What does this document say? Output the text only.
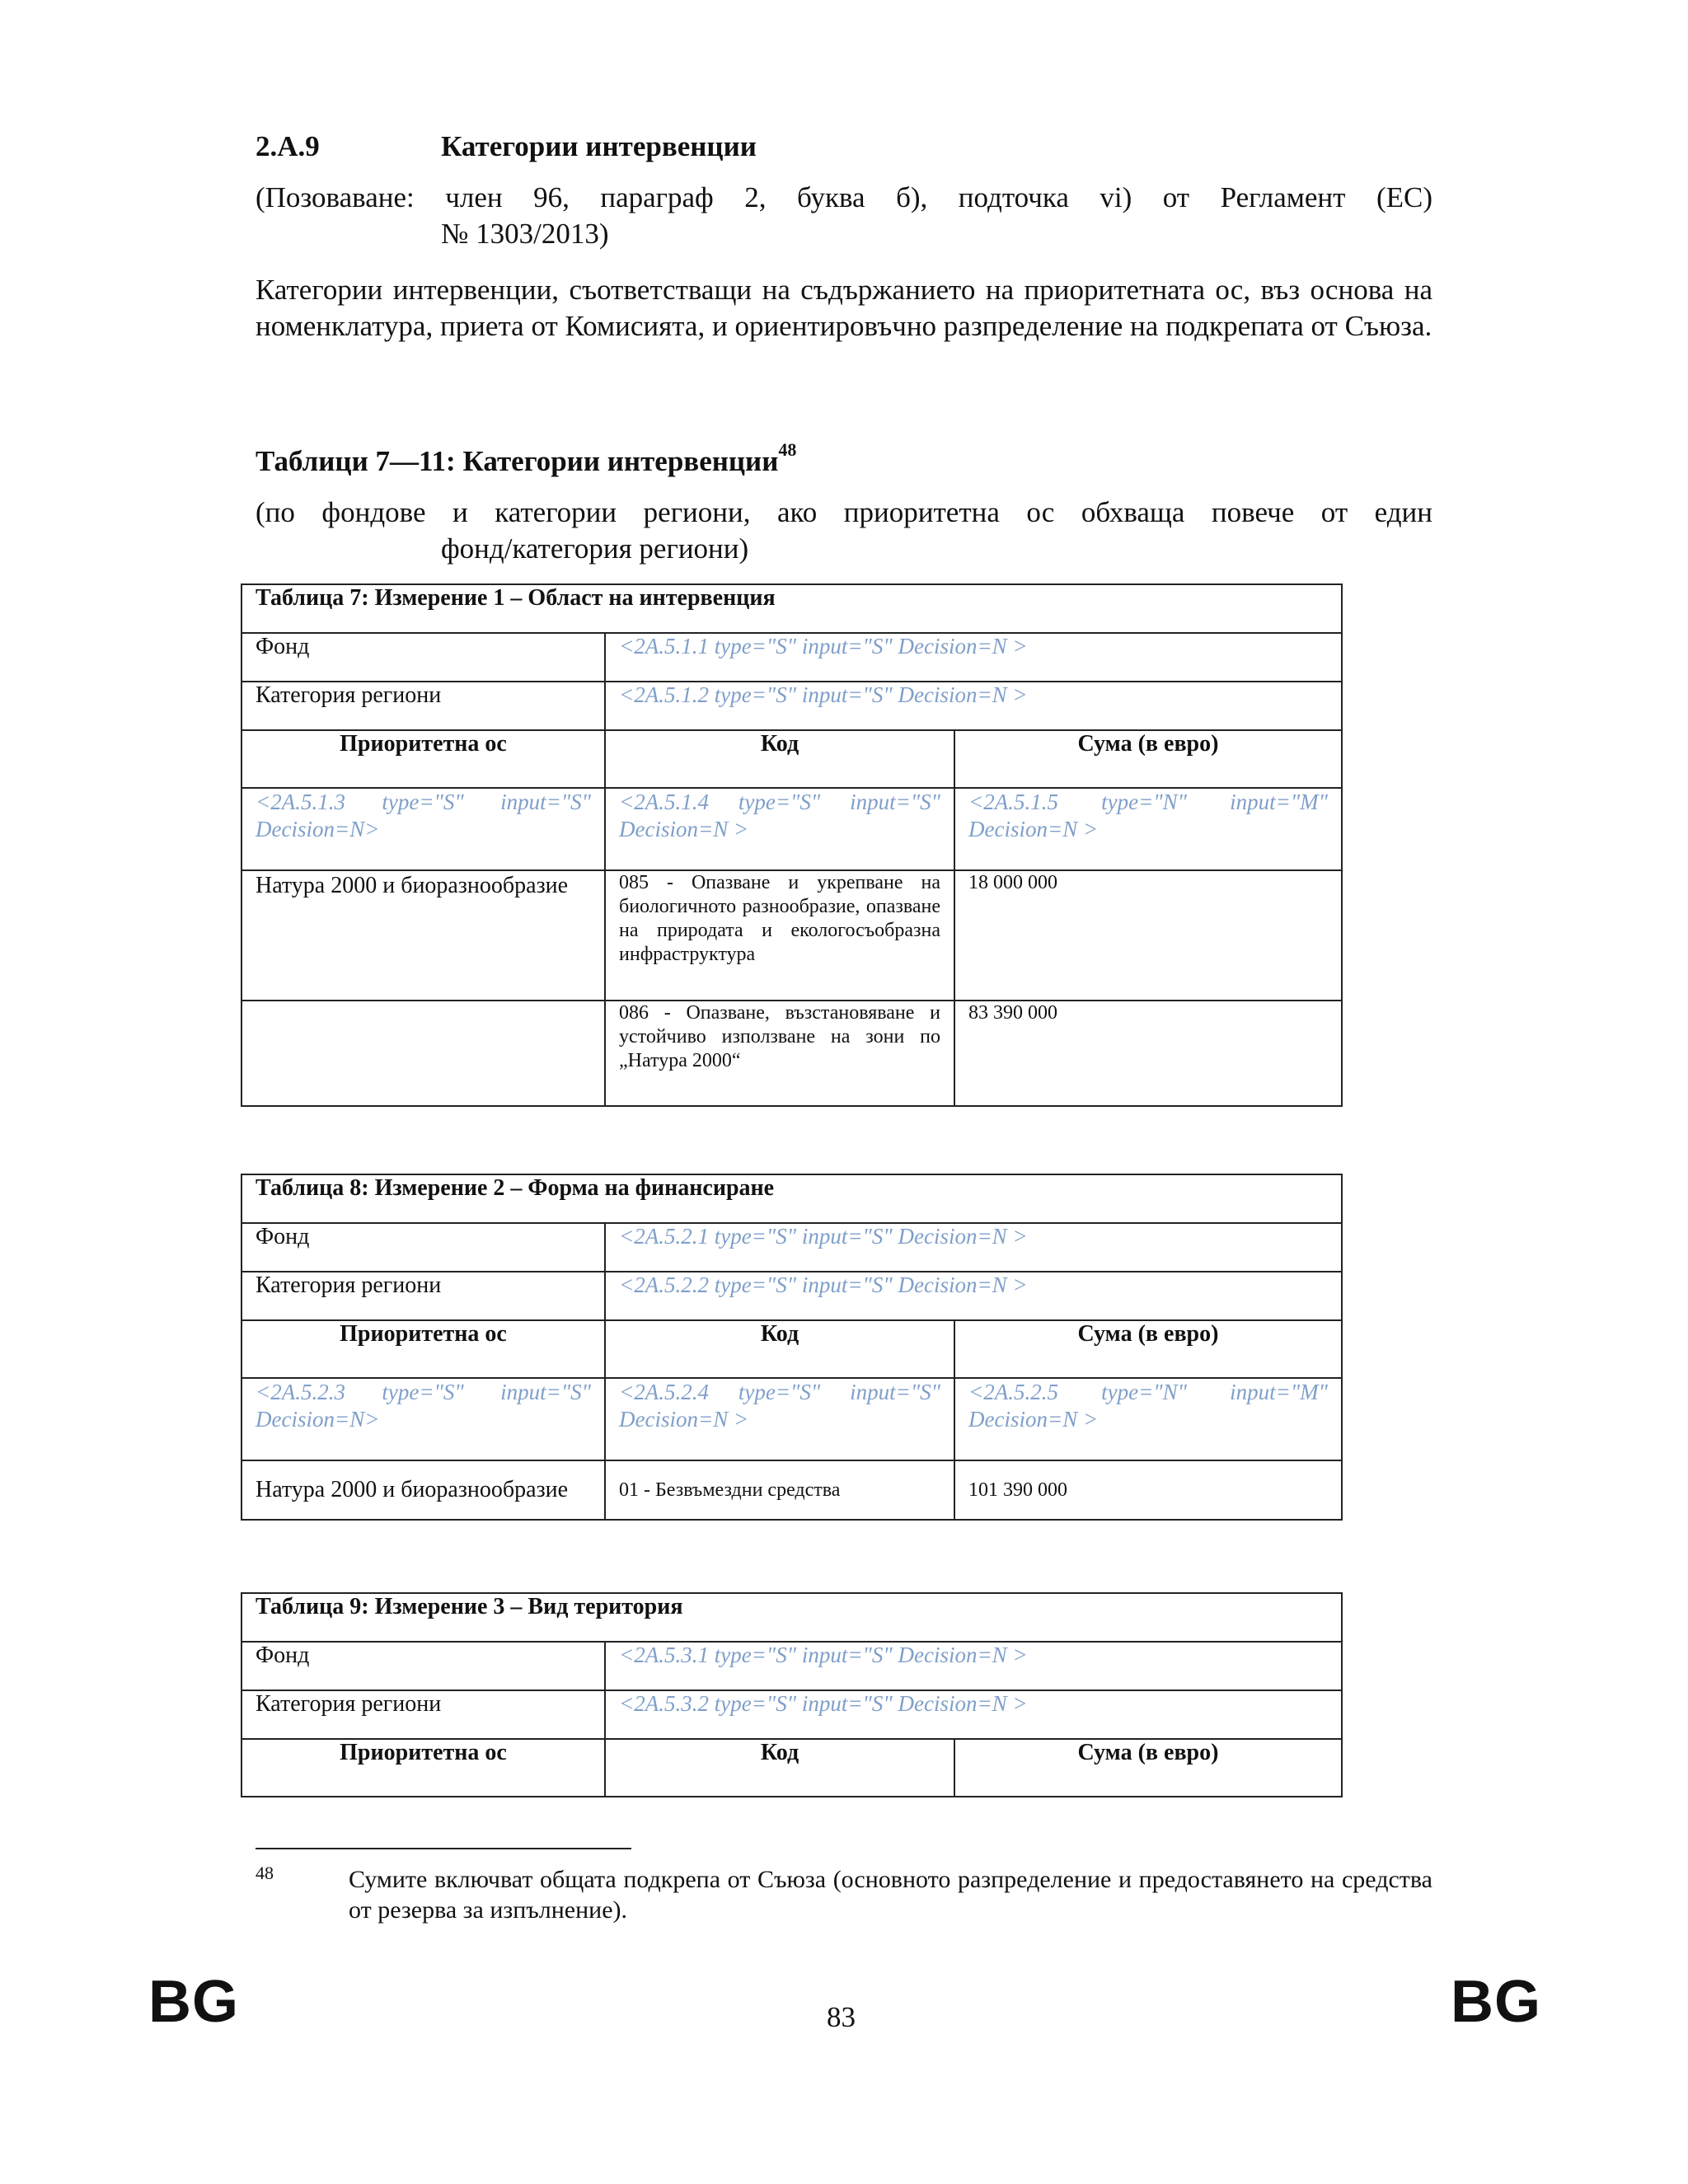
2.A.9	Категории интервенции
(Позоваване: член 96, параграф 2, буква б), подточка vi) от Регламент (ЕС)
№ 1303/2013)
Категории интервенции, съответстващи на съдържанието на приоритетната ос, въз основа на номенклатура, приета от Комисията, и ориентировъчно разпределение на подкрепата от Съюза.
Таблици 7—11: Категории интервенции$^{48}$
(по фондове и категории региони, ако приоритетна ос обхваща повече от един
фонд/категория региони)
Таблица 7: Измерение 1 – Област на интервенция		
Фонд	<2A.5.1.1 type="S" input="S" Decision=N >	
Категория региони	<2A.5.1.2 type="S" input="S" Decision=N >	
Приоритетна ос	Код	Сума (в евро)

<2A.5.1.3 type="S" input="S" Decision=N>	<2A.5.1.4 type="S" input="S" Decision=N >	<2A.5.1.5 type="N" input="M" Decision=N >

Натура 2000 и биоразнообразие	085 - Опазване и укрепване на биологичното разнообразие, опазване на природата и екологосъобразна инфраструктура	18 000 000
	086 - Опазване, възстановяване и устойчиво използване на зони по „Натура 2000“	83 390 000
Таблица 8: Измерение 2 – Форма на финансиране		
Фонд	<2A.5.2.1 type="S" input="S" Decision=N >	
Категория региони	<2A.5.2.2 type="S" input="S" Decision=N >	
Приоритетна ос	Код	Сума (в евро)

<2A.5.2.3 type="S" input="S" Decision=N>	<2A.5.2.4 type="S" input="S" Decision=N >	<2A.5.2.5 type="N" input="M" Decision=N >

Натура 2000 и биоразнообразие	01 - Безвъмездни средства	101 390 000
Таблица 9: Измерение 3 – Вид територия		
Фонд	<2A.5.3.1 type="S" input="S" Decision=N >	
Категория региони	<2A.5.3.2 type="S" input="S" Decision=N >	
Приоритетна ос	Код	Сума (в евро)
48	Сумите включват общата подкрепа от Съюза (основното разпределение и предоставянето на средства от резерва за изпълнение).
BG	83	BG
